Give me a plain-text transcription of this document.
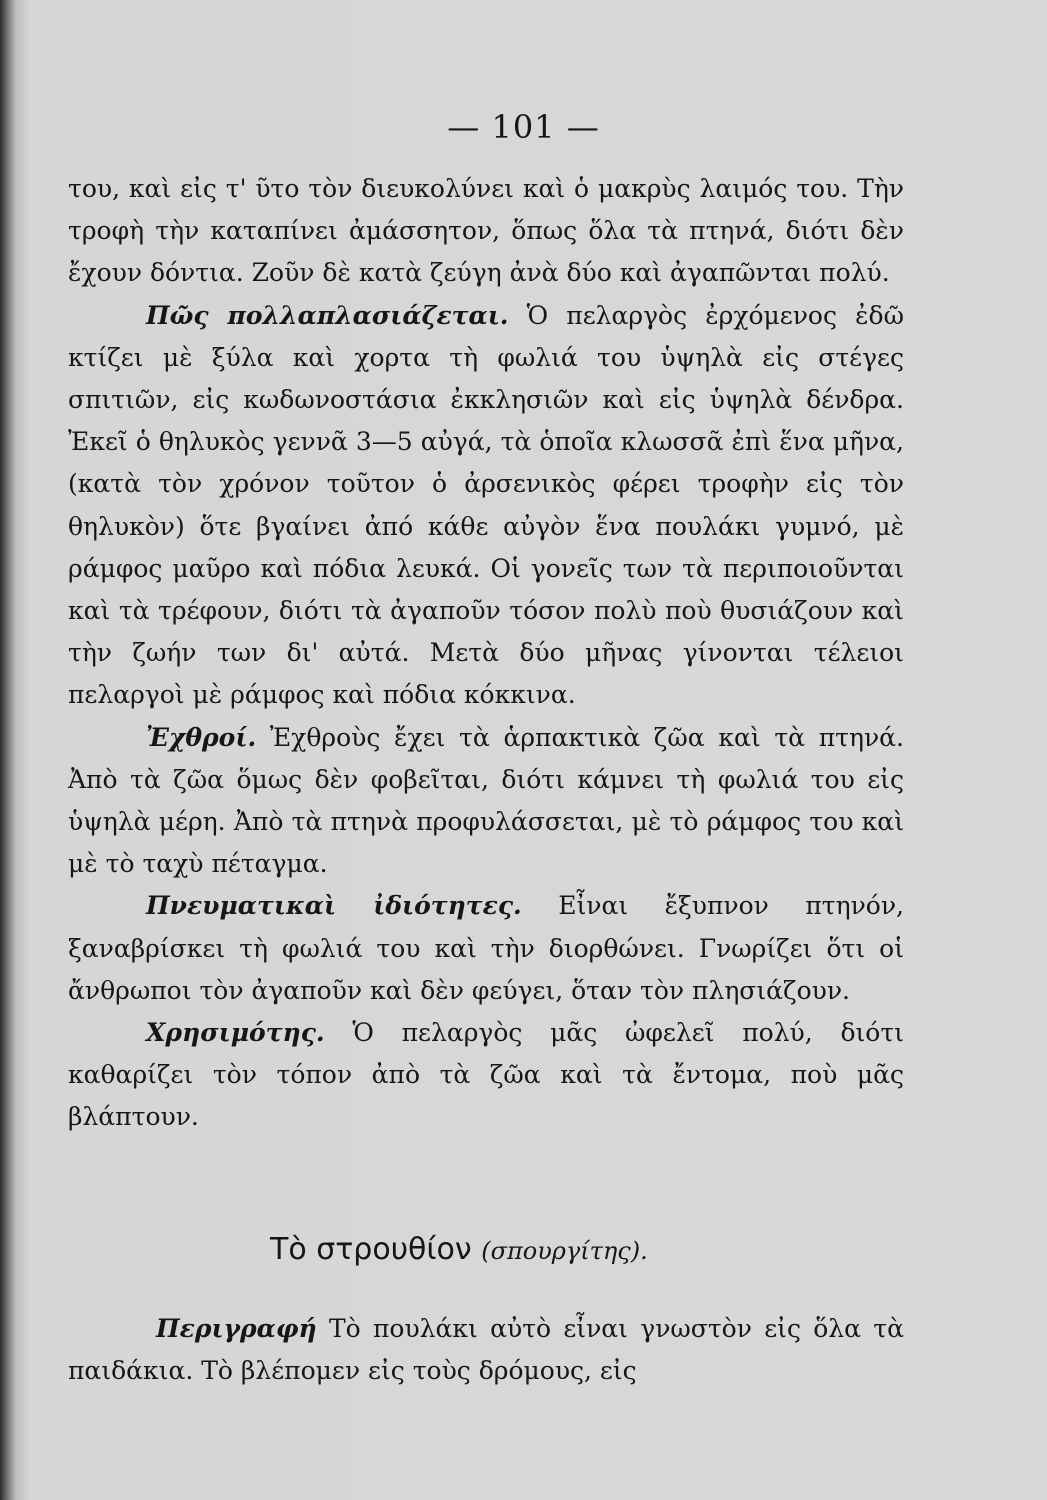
— 101 —

του, καὶ εἰς τ' ῦτο τὸν διευκολύνει καὶ ὁ μακρὺς λαιμός του. Τὴν τροφὴ τὴν καταπίνει ἀμάσσητον, ὅπως ὅλα τὰ πτηνά, διότι δὲν ἔχουν δόντια. Ζοῦν δὲ κατὰ ζεύγη ἀνὰ δύο καὶ ἀγαπῶνται πολύ.

Πῶς πολλαπλασιάζεται. Ὁ πελαργὸς ἐρχόμενος ἐδῶ κτίζει μὲ ξύλα καὶ χορτα τὴ φωλιά του ὑψηλὰ εἰς στέγες σπιτιῶν, εἰς κωδωνοστάσια ἐκκλησιῶν καὶ εἰς ὑψηλὰ δένδρα. Ἐκεῖ ὁ θηλυκὸς γεννᾶ 3—5 αὐγά, τὰ ὁποῖα κλωσσᾶ ἐπὶ ἕνα μῆνα, (κατὰ τὸν χρόνον τοῦτον ὁ ἀρσενικὸς φέρει τροφὴν εἰς τὸν θηλυκὸν) ὅτε βγαίνει ἀπό κάθε αὐγὸν ἕνα πουλάκι γυμνό, μὲ ράμφος μαῦρο καὶ πόδια λευκά. Οἱ γονεῖς των τὰ περιποιοῦνται καὶ τὰ τρέφουν, διότι τὰ ἀγαποῦν τόσον πολὺ ποὺ θυσιάζουν καὶ τὴν ζωήν των δι' αὐτά. Μετὰ δύο μῆνας γίνονται τέλειοι πελαργοὶ μὲ ράμφος καὶ πόδια κόκκινα.

Ἐχθροί. Ἐχθροὺς ἔχει τὰ ἁρπακτικὰ ζῶα καὶ τὰ πτηνά. Ἀπὸ τὰ ζῶα ὅμως δὲν φοβεῖται, διότι κάμνει τὴ φωλιά του εἰς ὑψηλὰ μέρη. Ἀπὸ τὰ πτηνὰ προφυλάσσεται, μὲ τὸ ράμφος του καὶ μὲ τὸ ταχὺ πέταγμα.

Πνευματικαὶ ἰδιότητες. Εἶναι ἔξυπνον πτηνόν, ξαναβρίσκει τὴ φωλιά του καὶ τὴν διορθώνει. Γνωρίζει ὅτι οἱ ἄνθρωποι τὸν ἀγαποῦν καὶ δὲν φεύγει, ὅταν τὸν πλησιάζουν.

Χρησιμότης. Ὁ πελαργὸς μᾶς ὠφελεῖ πολύ, διότι καθαρίζει τὸν τόπον ἀπὸ τὰ ζῶα καὶ τὰ ἔντομα, ποὺ μᾶς βλάπτουν.

Τὸ στρουθίον (σπουργίτης).

Περιγραφή Τὸ πουλάκι αὐτὸ εἶναι γνωστὸν εἰς ὅλα τὰ παιδάκια. Τὸ βλέπομεν εἰς τοὺς δρόμους, εἰς
